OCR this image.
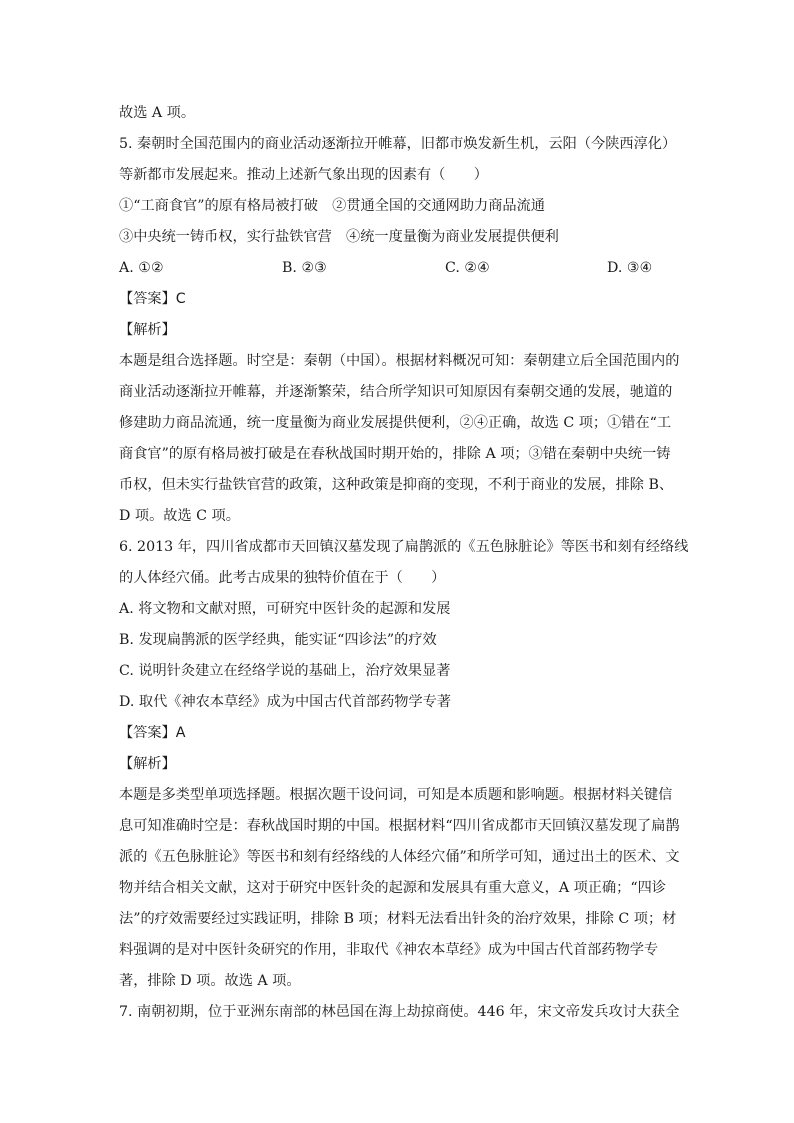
故选 A 项。
5. 秦朝时全国范围内的商业活动逐渐拉开帷幕，旧都市焕发新生机，云阳（今陕西淳化）
等新都市发展起来。推动上述新气象出现的因素有（　　）
①“工商食官”的原有格局被打破　②贯通全国的交通网助力商品流通
③中央统一铸币权，实行盐铁官营　④统一度量衡为商业发展提供便利
A. ①②	B. ②③	C. ②④	D. ③④
【答案】C
【解析】
本题是组合选择题。时空是：秦朝（中国）。根据材料概况可知：秦朝建立后全国范围内的
商业活动逐渐拉开帷幕，并逐渐繁荣，结合所学知识可知原因有秦朝交通的发展，驰道的
修建助力商品流通，统一度量衡为商业发展提供便利，②④正确，故选 C 项；①错在“工
商食官”的原有格局被打破是在春秋战国时期开始的，排除 A 项；③错在秦朝中央统一铸
币权，但未实行盐铁官营的政策，这种政策是抑商的变现，不利于商业的发展，排除 B、
D 项。故选 C 项。
6. 2013 年，四川省成都市天回镇汉墓发现了扁鹊派的《五色脉脏论》等医书和刻有经络线
的人体经穴俑。此考古成果的独特价值在于（　　）
A. 将文物和文献对照，可研究中医针灸的起源和发展
B. 发现扁鹊派的医学经典，能实证“四诊法”的疗效
C. 说明针灸建立在经络学说的基础上，治疗效果显著
D. 取代《神农本草经》成为中国古代首部药物学专著
【答案】A
【解析】
本题是多类型单项选择题。根据次题干设问词，可知是本质题和影响题。根据材料关键信
息可知准确时空是：春秋战国时期的中国。根据材料“四川省成都市天回镇汉墓发现了扁鹊
派的《五色脉脏论》等医书和刻有经络线的人体经穴俑”和所学可知，通过出土的医术、文
物并结合相关文献，这对于研究中医针灸的起源和发展具有重大意义，A 项正确；“四诊
法”的疗效需要经过实践证明，排除 B 项；材料无法看出针灸的治疗效果，排除 C 项；材
料强调的是对中医针灸研究的作用，非取代《神农本草经》成为中国古代首部药物学专
著，排除 D 项。故选 A 项。
7. 南朝初期，位于亚洲东南部的林邑国在海上劫掠商使。446 年，宋文帝发兵攻讨大获全
